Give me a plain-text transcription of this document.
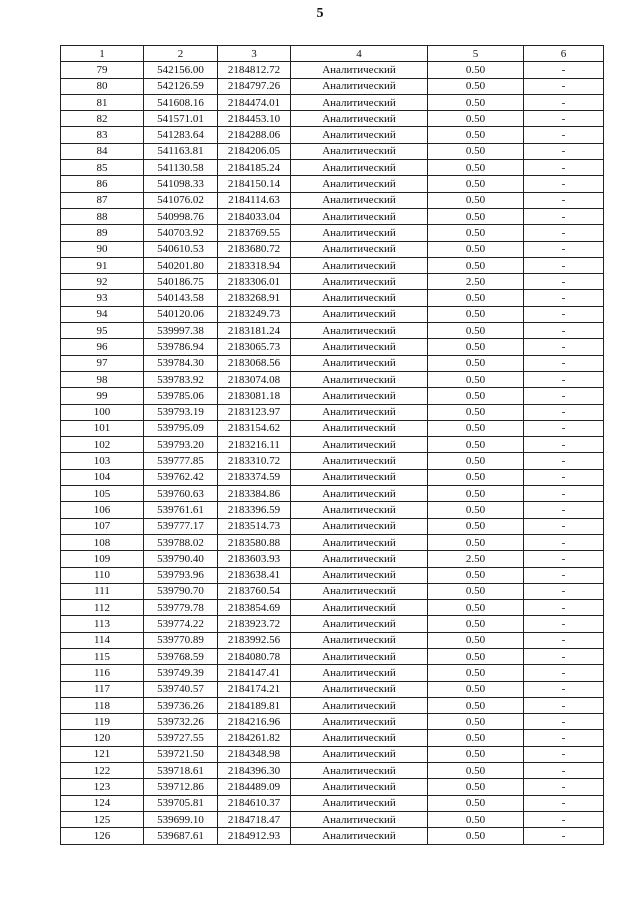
5
1	2	3	4	5	6
79	542156.00	2184812.72	Аналитический	0.50	-
80	542126.59	2184797.26	Аналитический	0.50	-
81	541608.16	2184474.01	Аналитический	0.50	-
82	541571.01	2184453.10	Аналитический	0.50	-
83	541283.64	2184288.06	Аналитический	0.50	-
84	541163.81	2184206.05	Аналитический	0.50	-
85	541130.58	2184185.24	Аналитический	0.50	-
86	541098.33	2184150.14	Аналитический	0.50	-
87	541076.02	2184114.63	Аналитический	0.50	-
88	540998.76	2184033.04	Аналитический	0.50	-
89	540703.92	2183769.55	Аналитический	0.50	-
90	540610.53	2183680.72	Аналитический	0.50	-
91	540201.80	2183318.94	Аналитический	0.50	-
92	540186.75	2183306.01	Аналитический	2.50	-
93	540143.58	2183268.91	Аналитический	0.50	-
94	540120.06	2183249.73	Аналитический	0.50	-
95	539997.38	2183181.24	Аналитический	0.50	-
96	539786.94	2183065.73	Аналитический	0.50	-
97	539784.30	2183068.56	Аналитический	0.50	-
98	539783.92	2183074.08	Аналитический	0.50	-
99	539785.06	2183081.18	Аналитический	0.50	-
100	539793.19	2183123.97	Аналитический	0.50	-
101	539795.09	2183154.62	Аналитический	0.50	-
102	539793.20	2183216.11	Аналитический	0.50	-
103	539777.85	2183310.72	Аналитический	0.50	-
104	539762.42	2183374.59	Аналитический	0.50	-
105	539760.63	2183384.86	Аналитический	0.50	-
106	539761.61	2183396.59	Аналитический	0.50	-
107	539777.17	2183514.73	Аналитический	0.50	-
108	539788.02	2183580.88	Аналитический	0.50	-
109	539790.40	2183603.93	Аналитический	2.50	-
110	539793.96	2183638.41	Аналитический	0.50	-
111	539790.70	2183760.54	Аналитический	0.50	-
112	539779.78	2183854.69	Аналитический	0.50	-
113	539774.22	2183923.72	Аналитический	0.50	-
114	539770.89	2183992.56	Аналитический	0.50	-
115	539768.59	2184080.78	Аналитический	0.50	-
116	539749.39	2184147.41	Аналитический	0.50	-
117	539740.57	2184174.21	Аналитический	0.50	-
118	539736.26	2184189.81	Аналитический	0.50	-
119	539732.26	2184216.96	Аналитический	0.50	-
120	539727.55	2184261.82	Аналитический	0.50	-
121	539721.50	2184348.98	Аналитический	0.50	-
122	539718.61	2184396.30	Аналитический	0.50	-
123	539712.86	2184489.09	Аналитический	0.50	-
124	539705.81	2184610.37	Аналитический	0.50	-
125	539699.10	2184718.47	Аналитический	0.50	-
126	539687.61	2184912.93	Аналитический	0.50	-
